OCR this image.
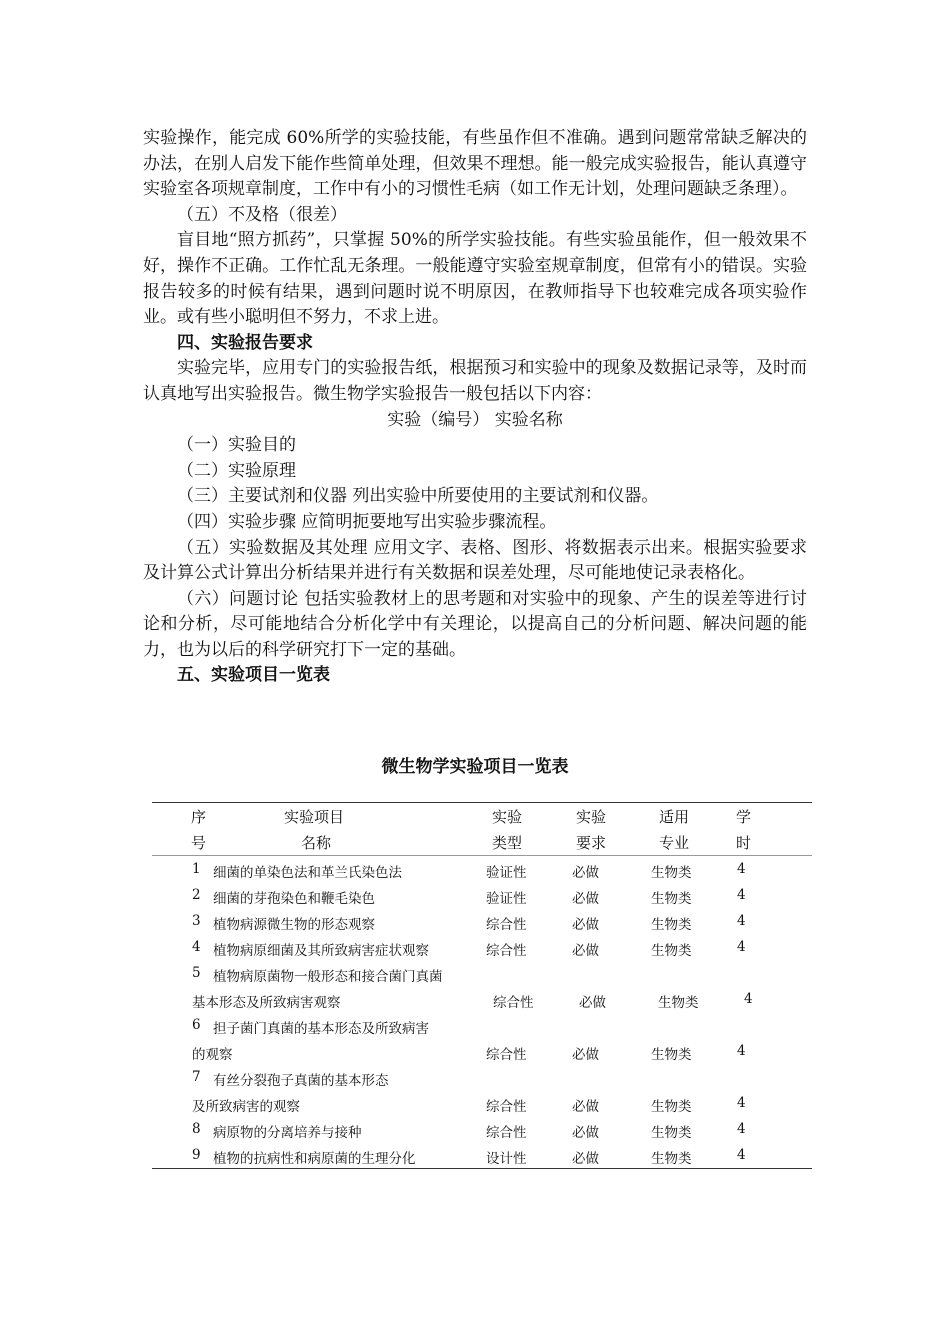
实验操作，能完成 60%所学的实验技能，有些虽作但不准确。遇到问题常常缺乏解决的办法，在别人启发下能作些简单处理，但效果不理想。能一般完成实验报告，能认真遵守实验室各项规章制度，工作中有小的习惯性毛病（如工作无计划，处理问题缺乏条理）。

（五）不及格（很差）

盲目地“照方抓药”，只掌握 50%的所学实验技能。有些实验虽能作，但一般效果不好，操作不正确。工作忙乱无条理。一般能遵守实验室规章制度，但常有小的错误。实验报告较多的时候有结果，遇到问题时说不明原因，在教师指导下也较难完成各项实验作业。或有些小聪明但不努力，不求上进。

四、实验报告要求

实验完毕，应用专门的实验报告纸，根据预习和实验中的现象及数据记录等，及时而认真地写出实验报告。微生物学实验报告一般包括以下内容：

实验（编号） 实验名称

（一）实验目的

（二）实验原理

（三）主要试剂和仪器 列出实验中所要使用的主要试剂和仪器。

（四）实验步骤 应简明扼要地写出实验步骤流程。

（五）实验数据及其处理 应用文字、表格、图形、将数据表示出来。根据实验要求及计算公式计算出分析结果并进行有关数据和误差处理，尽可能地使记录表格化。

（六）问题讨论 包括实验教材上的思考题和对实验中的现象、产生的误差等进行讨论和分析，尽可能地结合分析化学中有关理论，以提高自己的分析问题、解决问题的能力，也为以后的科学研究打下一定的基础。

五、实验项目一览表

微生物学实验项目一览表
序	实验项目	实验	实验	适用	学
号	名称	类型	要求	专业	时
1 细菌的单染色法和革兰氏染色法	验证性	必做	生物类	4
2 细菌的芽孢染色和鞭毛染色	验证性	必做	生物类	4
3 植物病源微生物的形态观察	综合性	必做	生物类	4
4 植物病原细菌及其所致病害症状观察	综合性	必做	生物类	4
5 植物病原菌物一般形态和接合菌门真菌
基本形态及所致病害观察	综合性	必做	生物类	4
6 担子菌门真菌的基本形态及所致病害
的观察	综合性	必做	生物类	4
7 有丝分裂孢子真菌的基本形态
及所致病害的观察	综合性	必做	生物类	4
8 病原物的分离培养与接种	综合性	必做	生物类	4
9 植物的抗病性和病原菌的生理分化	设计性	必做	生物类	4
